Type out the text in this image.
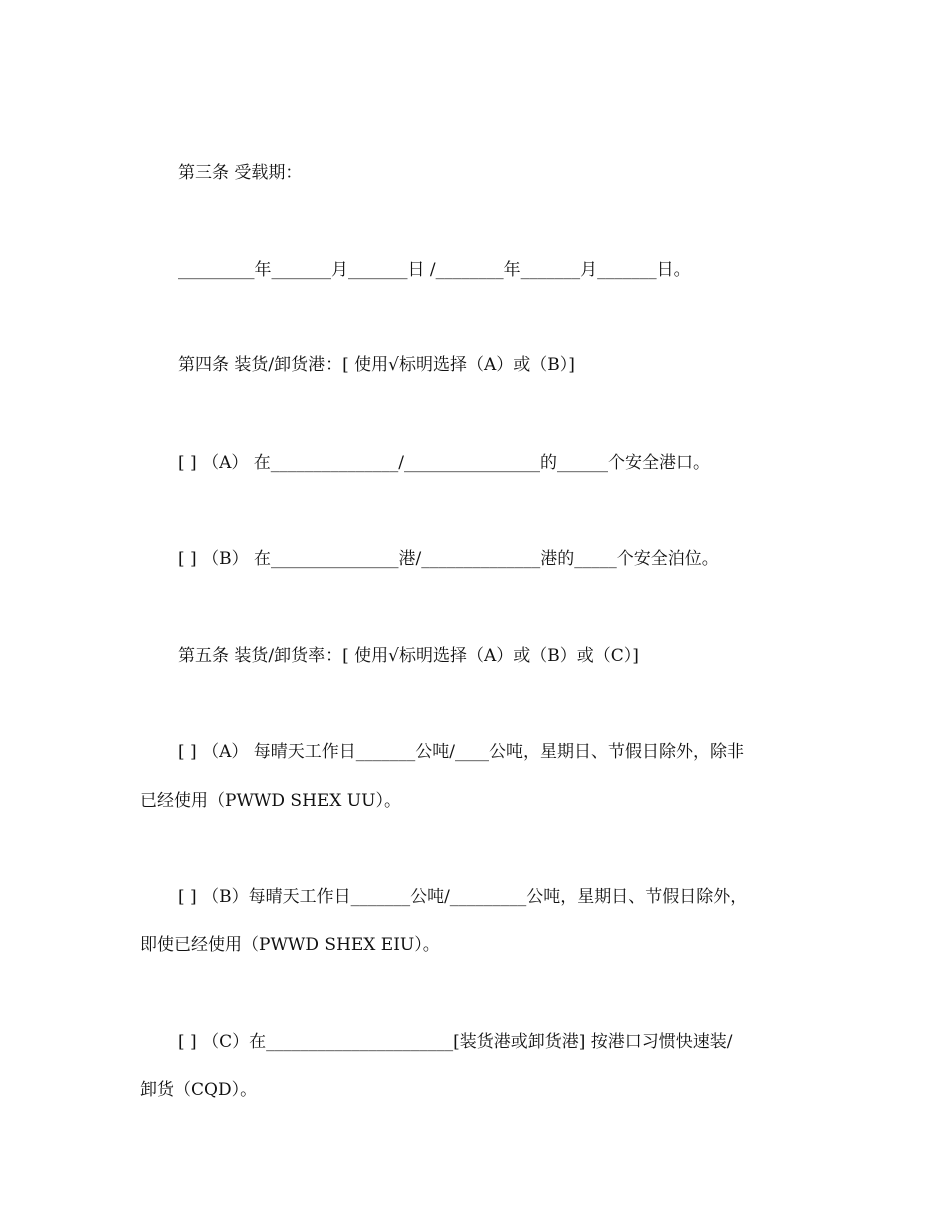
第三条 受载期：
_________年_______月_______日 /________年_______月_______日。
第四条 装货/卸货港：[ 使用√标明选择（A）或（B）]
[ ] （A） 在_______________/________________的______个安全港口。
[ ] （B） 在_______________港/______________港的_____个安全泊位。
第五条 装货/卸货率：[ 使用√标明选择（A）或（B）或（C）]
[ ] （A） 每晴天工作日_______公吨/____公吨，星期日、节假日除外，除非
已经使用（PWWD SHEX UU）。
[ ] （B）每晴天工作日_______公吨/_________公吨，星期日、节假日除外，
即使已经使用（PWWD SHEX EIU）。
[ ] （C）在______________________[装货港或卸货港] 按港口习惯快速装/
卸货（CQD）。
